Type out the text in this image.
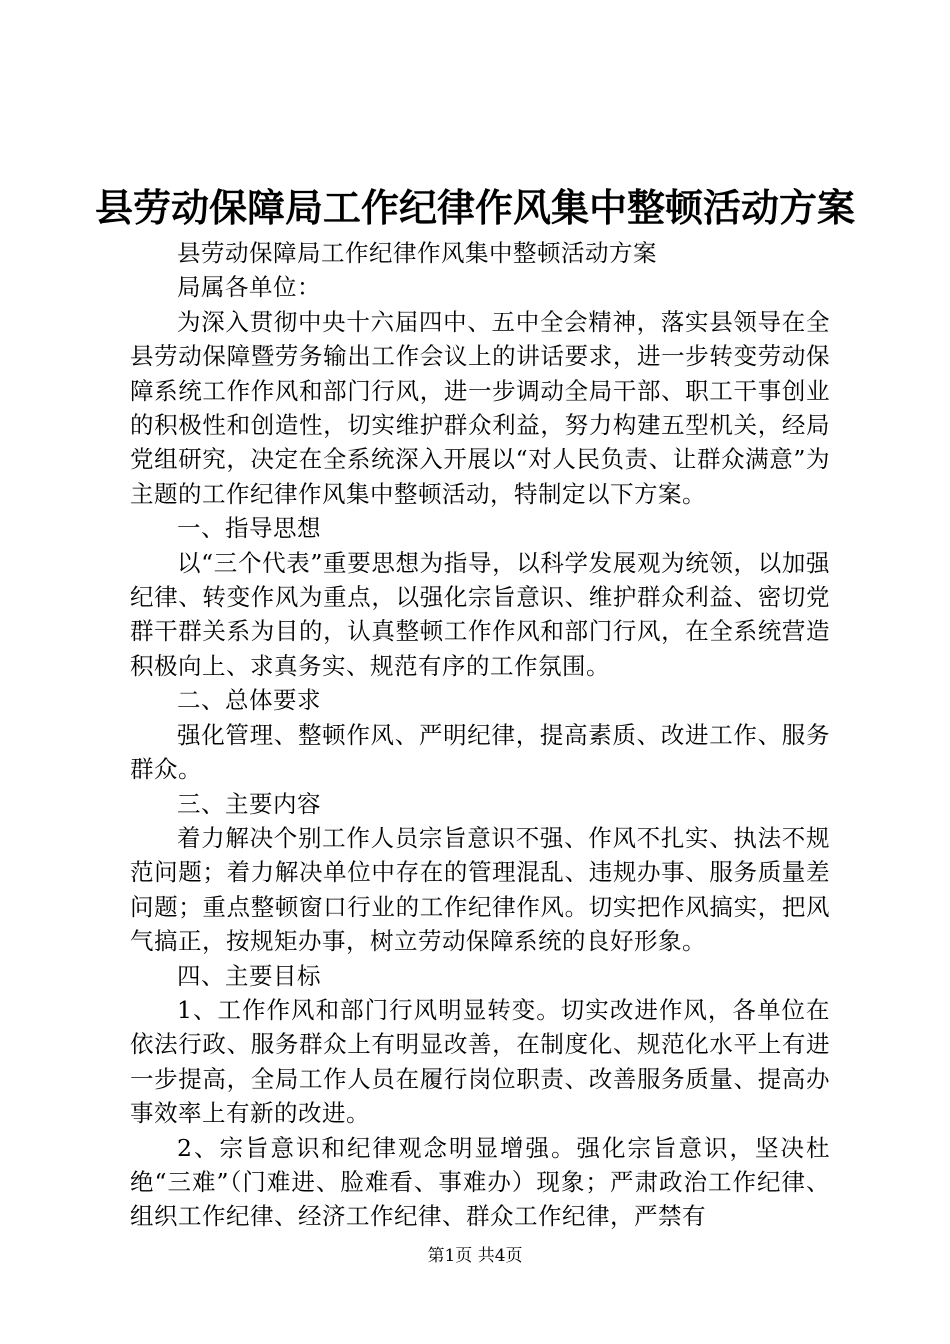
县劳动保障局工作纪律作风集中整顿活动方案

县劳动保障局工作纪律作风集中整顿活动方案

局属各单位：

为深入贯彻中央十六届四中、五中全会精神，落实县领导在全县劳动保障暨劳务输出工作会议上的讲话要求，进一步转变劳动保障系统工作作风和部门行风，进一步调动全局干部、职工干事创业的积极性和创造性，切实维护群众利益，努力构建五型机关，经局党组研究，决定在全系统深入开展以“对人民负责、让群众满意”为主题的工作纪律作风集中整顿活动，特制定以下方案。

一、指导思想

以“三个代表”重要思想为指导，以科学发展观为统领，以加强纪律、转变作风为重点，以强化宗旨意识、维护群众利益、密切党群干群关系为目的，认真整顿工作作风和部门行风，在全系统营造积极向上、求真务实、规范有序的工作氛围。

二、总体要求

强化管理、整顿作风、严明纪律，提高素质、改进工作、服务群众。

三、主要内容

着力解决个别工作人员宗旨意识不强、作风不扎实、执法不规范问题；着力解决单位中存在的管理混乱、违规办事、服务质量差问题；重点整顿窗口行业的工作纪律作风。切实把作风搞实，把风气搞正，按规矩办事，树立劳动保障系统的良好形象。

四、主要目标

1、工作作风和部门行风明显转变。切实改进作风，各单位在依法行政、服务群众上有明显改善，在制度化、规范化水平上有进一步提高，全局工作人员在履行岗位职责、改善服务质量、提高办事效率上有新的改进。

2、宗旨意识和纪律观念明显增强。强化宗旨意识，坚决杜绝“三难”（门难进、脸难看、事难办）现象；严肃政治工作纪律、组织工作纪律、经济工作纪律、群众工作纪律，严禁有

第1页 共4页
